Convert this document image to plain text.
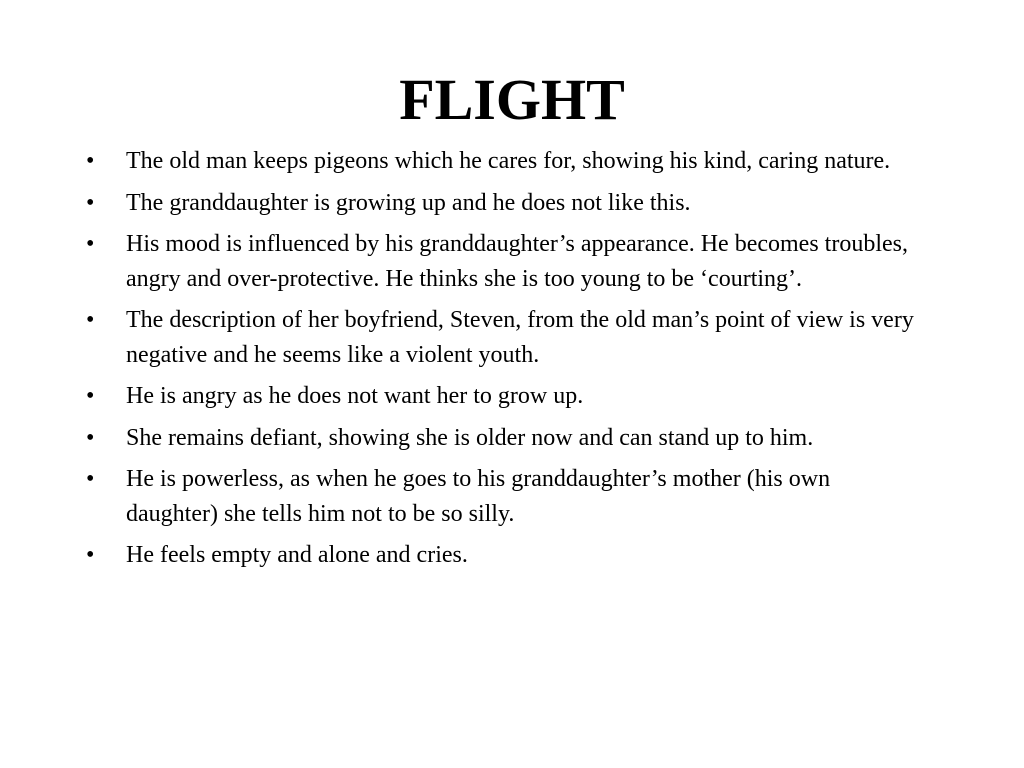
FLIGHT
•	The old man keeps pigeons which he cares for, showing his kind, caring nature.
•	The granddaughter is growing up and he does not like this.
•	His mood is influenced by his granddaughter’s appearance. He becomes troubles, angry and over-protective. He thinks she is too young to be ‘courting’.
•	The description of her boyfriend, Steven, from the old man’s point of view is very negative and he seems like a violent youth.
•	He is angry as he does not want her to grow up.
•	She remains defiant, showing she is older now and can stand up to him.
•	He is powerless, as when he goes to his granddaughter’s mother (his own daughter) she tells him not to be so silly.
•	He feels empty and alone and cries.
